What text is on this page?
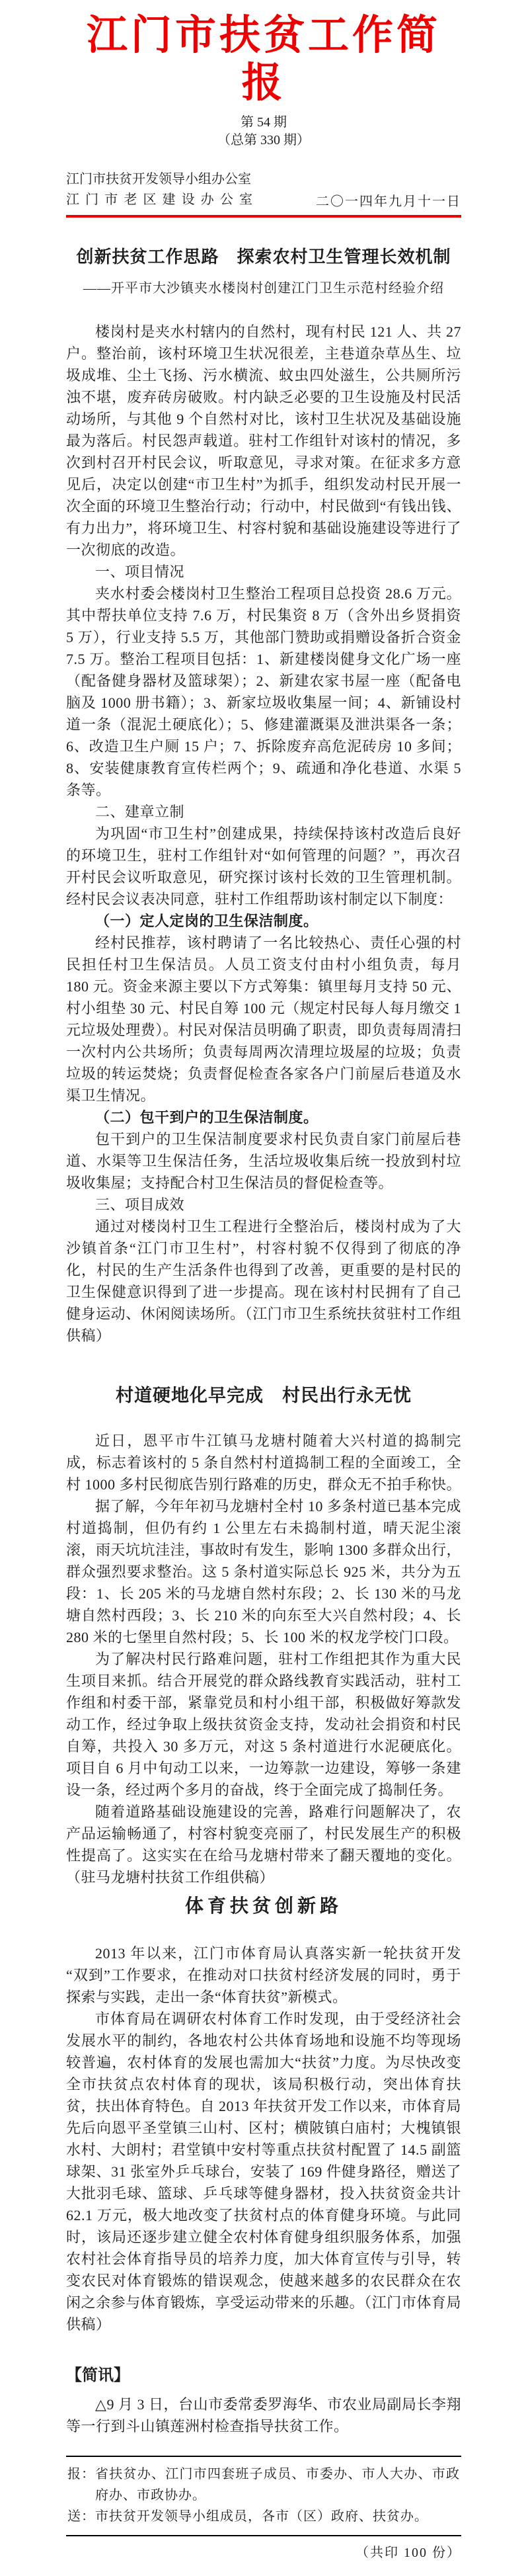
江门市扶贫工作简报
第 54 期
（总第 330 期）
江门市扶贫开发领导小组办公室
江门市老区建设办公室	二〇一四年九月十一日
创新扶贫工作思路　探索农村卫生管理长效机制

——开平市大沙镇夹水楼岗村创建江门卫生示范村经验介绍

楼岗村是夹水村辖内的自然村，现有村民 121 人、共 27 户。整治前，该村环境卫生状况很差，主巷道杂草丛生、垃圾成堆、尘土飞扬、污水横流、蚊虫四处滋生，公共厕所污浊不堪，废弃砖房破败。村内缺乏必要的卫生设施及村民活动场所，与其他 9 个自然村对比，该村卫生状况及基础设施最为落后。村民怨声载道。驻村工作组针对该村的情况，多次到村召开村民会议，听取意见，寻求对策。在征求多方意见后，决定以创建“市卫生村”为抓手，组织发动村民开展一次全面的环境卫生整治行动；行动中，村民做到“有钱出钱、有力出力”，将环境卫生、村容村貌和基础设施建设等进行了一次彻底的改造。

一、项目情况

夹水村委会楼岗村卫生整治工程项目总投资 28.6 万元。其中帮扶单位支持 7.6 万，村民集资 8 万（含外出乡贤捐资 5 万），行业支持 5.5 万，其他部门赞助或捐赠设备折合资金 7.5 万。整治工程项目包括：1、新建楼岗健身文化广场一座（配备健身器材及篮球架）；2、新建农家书屋一座（配备电脑及 1000 册书籍）；3、新家垃圾收集屋一间；4、新铺设村道一条（混泥土硬底化）；5、修建灌溉渠及泄洪渠各一条；6、改造卫生户厕 15 户；7、拆除废弃高危泥砖房 10 多间；8、安装健康教育宣传栏两个；9、疏通和净化巷道、水渠 5 条等。

二、建章立制

为巩固“市卫生村”创建成果，持续保持该村改造后良好的环境卫生，驻村工作组针对“如何管理的问题？”，再次召开村民会议听取意见，研究探讨该村长效的卫生管理机制。经村民会议表决同意，驻村工作组帮助该村制定以下制度：

（一）定人定岗的卫生保洁制度。

经村民推荐，该村聘请了一名比较热心、责任心强的村民担任村卫生保洁员。人员工资支付由村小组负责，每月 180 元。资金来源主要以下方式筹集：镇里每月支持 50 元、村小组垫 30 元、村民自筹 100 元（规定村民每人每月缴交 1 元垃圾处理费）。村民对保洁员明确了职责，即负责每周清扫一次村内公共场所；负责每周两次清理垃圾屋的垃圾；负责垃圾的转运焚烧；负责督促检查各家各户门前屋后巷道及水渠卫生情况。

（二）包干到户的卫生保洁制度。

包干到户的卫生保洁制度要求村民负责自家门前屋后巷道、水渠等卫生保洁任务，生活垃圾收集后统一投放到村垃圾收集屋；支持配合村卫生保洁员的督促检查等。

三、项目成效

通过对楼岗村卫生工程进行全整治后，楼岗村成为了大沙镇首条“江门市卫生村”，村容村貌不仅得到了彻底的净化，村民的生产生活条件也得到了改善，更重要的是村民的卫生保健意识得到了进一步提高。现在该村村民拥有了自己健身运动、休闲阅读场所。（江门市卫生系统扶贫驻村工作组供稿）

村道硬地化早完成　村民出行永无忧

近日，恩平市牛江镇马龙塘村随着大兴村道的捣制完成，标志着该村的 5 条自然村村道捣制工程的全面竣工，全村 1000 多村民彻底告别行路难的历史，群众无不拍手称快。

据了解，今年年初马龙塘村全村 10 多条村道已基本完成村道捣制，但仍有约 1 公里左右未捣制村道，晴天泥尘滚滚，雨天坑坑洼洼，事故时有发生，影响 1300 多群众出行，群众强烈要求整治。这 5 条村道实际总长 925 米，共分为五段：1、长 205 米的马龙塘自然村东段；2、长 130 米的马龙塘自然村西段；3、长 210 米的向东至大兴自然村段；4、长 280 米的七堡里自然村段；5、长 100 米的权龙学校门口段。

为了解决村民行路难问题，驻村工作组把其作为重大民生项目来抓。结合开展党的群众路线教育实践活动，驻村工作组和村委干部，紧靠党员和村小组干部，积极做好筹款发动工作，经过争取上级扶贫资金支持，发动社会捐资和村民自筹，共投入 30 多万元，对这 5 条村道进行水泥硬底化。项目自 6 月中旬动工以来，一边筹款一边建设，筹够一条建设一条，经过两个多月的奋战，终于全面完成了捣制任务。

随着道路基础设施建设的完善，路难行问题解决了，农产品运输畅通了，村容村貌变亮丽了，村民发展生产的积极性提高了。这实实在在给马龙塘村带来了翻天覆地的变化。（驻马龙塘村扶贫工作组供稿）

体育扶贫创新路

2013 年以来，江门市体育局认真落实新一轮扶贫开发“双到”工作要求，在推动对口扶贫村经济发展的同时，勇于探索与实践，走出一条“体育扶贫”新模式。

市体育局在调研农村体育工作时发现，由于受经济社会发展水平的制约，各地农村公共体育场地和设施不均等现场较普遍，农村体育的发展也需加大“扶贫”力度。为尽快改变全市扶贫点农村体育的现状，该局积极行动，突出体育扶贫，扶出体育特色。自 2013 年扶贫开发工作以来，市体育局先后向恩平圣堂镇三山村、区村；横陂镇白庙村；大槐镇银水村、大朗村；君堂镇中安村等重点扶贫村配置了 14.5 副篮球架、31 张室外乒乓球台，安装了 169 件健身路径，赠送了大批羽毛球、篮球、乒乓球等健身器材，投入扶贫资金共计 62.1 万元，极大地改变了扶贫村点的体育健身环境。与此同时，该局还逐步建立健全农村体育健身组织服务体系，加强农村社会体育指导员的培养力度，加大体育宣传与引导，转变农民对体育锻炼的错误观念，使越来越多的农民群众在农闲之余参与体育锻炼，享受运动带来的乐趣。（江门市体育局供稿）

【简讯】

△9 月 3 日，台山市委常委罗海华、市农业局副局长李翔等一行到斗山镇莲洲村检查指导扶贫工作。

报： 省扶贫办、江门市四套班子成员、市委办、市人大办、市政府办、市政协办。
送： 市扶贫开发领导小组成员，各市（区）政府、扶贫办。
（共印 100 份）
